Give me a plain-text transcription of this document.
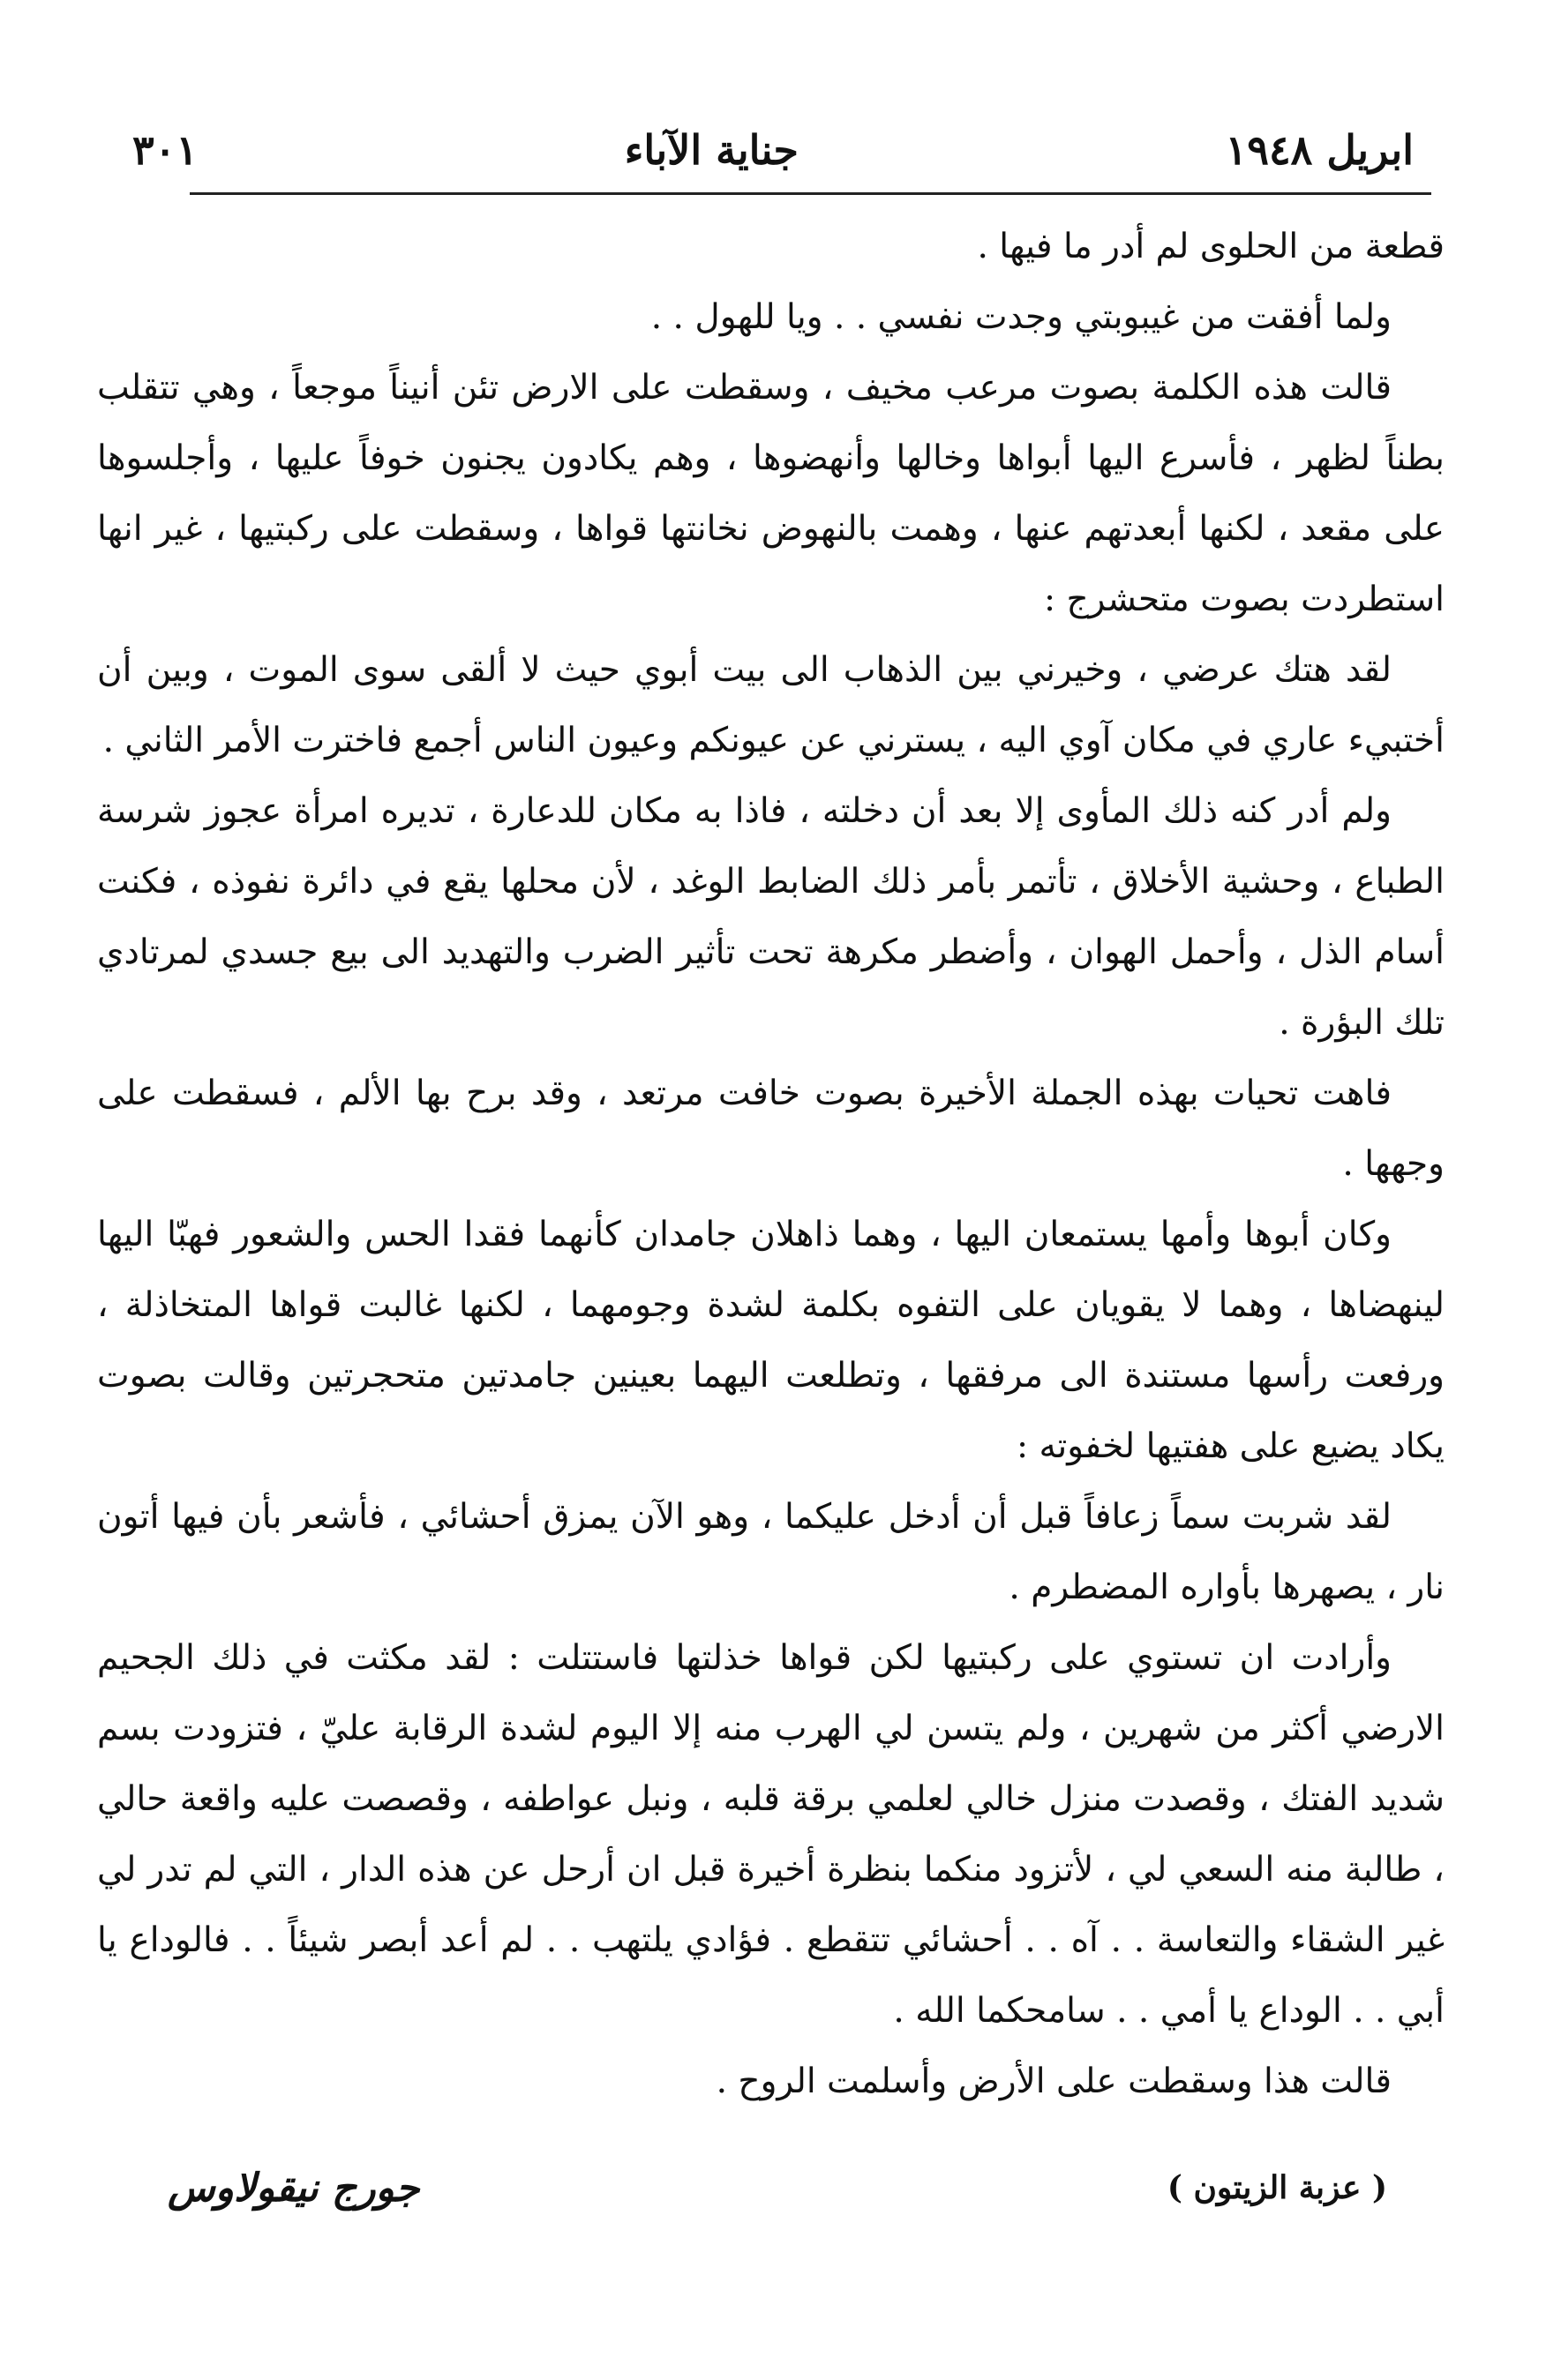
٣٠١	جناية الآباء	ابريل ١٩٤٨

قطعة من الحلوى لم أدر ما فيها .

ولما أفقت من غيبوبتي وجدت نفسي . . ويا للهول . .

قالت هذه الكلمة بصوت مرعب مخيف ، وسقطت على الارض تئن أنيناً موجعاً ، وهي تتقلب بطناً لظهر ، فأسرع اليها أبواها وخالها وأنهضوها ، وهم يكادون يجنون خوفاً عليها ، وأجلسوها على مقعد ، لكنها أبعدتهم عنها ، وهمت بالنهوض نخانتها قواها ، وسقطت على ركبتيها ، غير انها استطردت بصوت متحشرج :

لقد هتك عرضي ، وخيرني بين الذهاب الى بيت أبوي حيث لا ألقى سوى الموت ، وبين أن أختبيء عاري في مكان آوي اليه ، يسترني عن عيونكم وعيون الناس أجمع فاخترت الأمر الثاني .

ولم أدر كنه ذلك المأوى إلا بعد أن دخلته ، فاذا به مكان للدعارة ، تديره امرأة عجوز شرسة الطباع ، وحشية الأخلاق ، تأتمر بأمر ذلك الضابط الوغد ، لأن محلها يقع في دائرة نفوذه ، فكنت أسام الذل ، وأحمل الهوان ، وأضطر مكرهة تحت تأثير الضرب والتهديد الى بيع جسدي لمرتادي تلك البؤرة .

فاهت تحيات بهذه الجملة الأخيرة بصوت خافت مرتعد ، وقد برح بها الألم ، فسقطت على وجهها .

وكان أبوها وأمها يستمعان اليها ، وهما ذاهلان جامدان كأنهما فقدا الحس والشعور فهبّا اليها لينهضاها ، وهما لا يقويان على التفوه بكلمة لشدة وجومهما ، لكنها غالبت قواها المتخاذلة ، ورفعت رأسها مستندة الى مرفقها ، وتطلعت اليهما بعينين جامدتين متحجرتين وقالت بصوت يكاد يضيع على هفتيها لخفوته :

لقد شربت سماً زعافاً قبل أن أدخل عليكما ، وهو الآن يمزق أحشائي ، فأشعر بأن فيها أتون نار ، يصهرها بأواره المضطرم .

وأرادت ان تستوي على ركبتيها لكن قواها خذلتها فاستتلت : لقد مكثت في ذلك الجحيم الارضي أكثر من شهرين ، ولم يتسن لي الهرب منه إلا اليوم لشدة الرقابة عليّ ، فتزودت بسم شديد الفتك ، وقصدت منزل خالي لعلمي برقة قلبه ، ونبل عواطفه ، وقصصت عليه واقعة حالي ، طالبة منه السعي لي ، لأتزود منكما بنظرة أخيرة قبل ان أرحل عن هذه الدار ، التي لم تدر لي غير الشقاء والتعاسة . . آه . . أحشائي تتقطع . فؤادي يلتهب . . لم أعد أبصر شيئاً . . فالوداع يا أبي . . الوداع يا أمي . . سامحكما الله .

قالت هذا وسقطت على الأرض وأسلمت الروح .

( عزبة الزيتون )
جورج نيقولاوس
